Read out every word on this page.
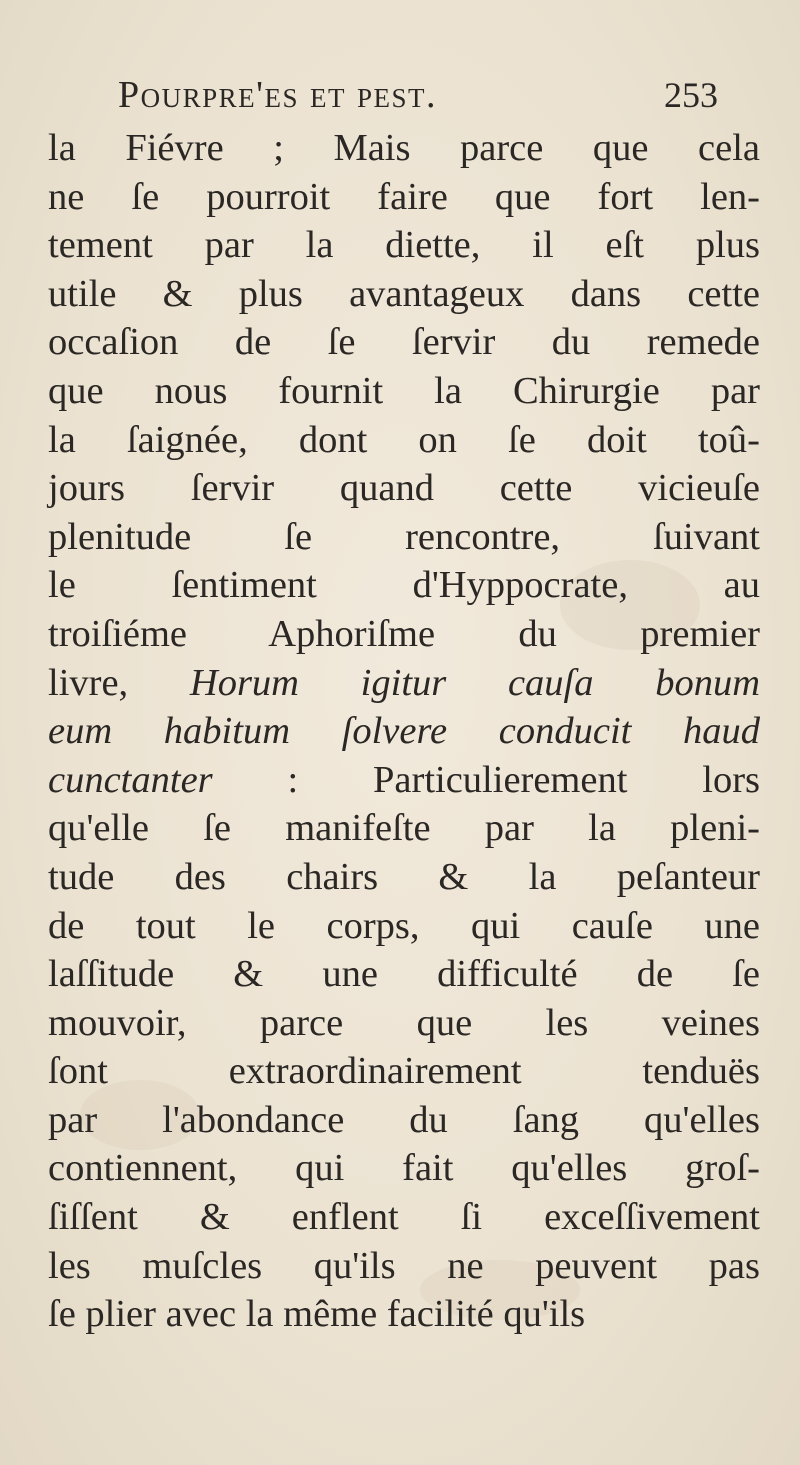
Pourpre'es et pest.	253
la Fiévre ; Mais parce que cela
ne ſe pourroit faire que fort len-
tement par la diette, il eſt plus
utile & plus avantageux dans cette
occaſion de ſe ſervir du remede
que nous fournit la Chirurgie par
la ſaignée, dont on ſe doit toû-
jours ſervir quand cette vicieuſe
plenitude ſe rencontre, ſuivant
le ſentiment d'Hyppocrate, au
troiſiéme Aphoriſme du premier
livre, Horum igitur cauſa bonum
eum habitum ſolvere conducit haud
cunctanter : Particulierement lors
qu'elle ſe manifeſte par la pleni-
tude des chairs & la peſanteur
de tout le corps, qui cauſe une
laſſitude & une difficulté de ſe
mouvoir, parce que les veines
ſont extraordinairement tenduës
par l'abondance du ſang qu'elles
contiennent, qui fait qu'elles groſ-
ſiſſent & enflent ſi exceſſivement
les muſcles qu'ils ne peuvent pas
ſe plier avec la même facilité qu'ils
